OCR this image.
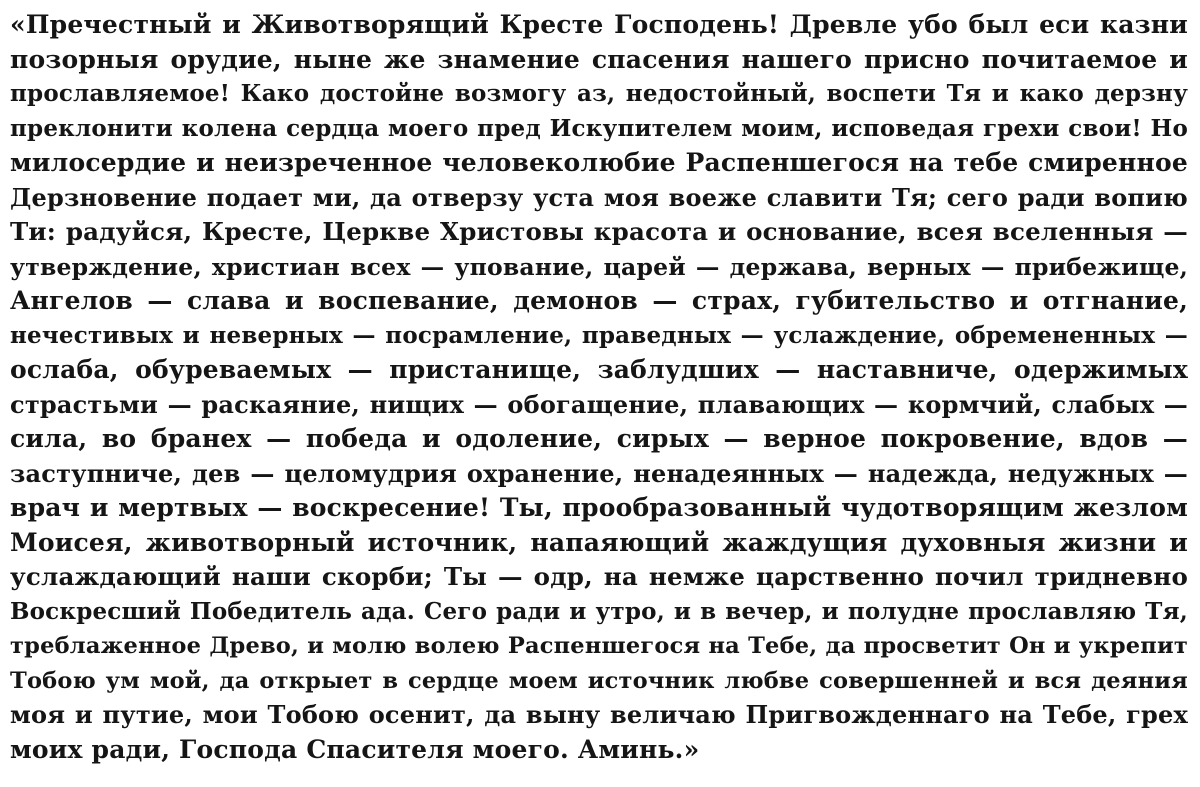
«Пречестный и Животворящий Кресте Господень! Древле убо был еси казни
позорныя орудие, ныне же знамение спасения нашего присно почитаемое и
прославляемое! Како достойне возмогу аз, недостойный, воспети Тя и како дерзну
преклонити колена сердца моего пред Искупителем моим, исповедая грехи свои! Но
милосердие и неизреченное человеколюбие Распеншегося на тебе смиренное
Дерзновение подает ми, да отверзу уста моя воеже славити Тя; сего ради вопию
Ти: радуйся, Кресте, Церкве Христовы красота и основание, всея вселенныя —
утверждение, христиан всех — упование, царей — держава, верных — прибежище,
Ангелов — слава и воспевание, демонов — страх, губительство и отгнание,
нечестивых и неверных — посрамление, праведных — услаждение, обремененных —
ослаба, обуреваемых — пристанище, заблудших — наставниче, одержимых
страстьми — раскаяние, нищих — обогащение, плавающих — кормчий, слабых —
сила, во бранех — победа и одоление, сирых — верное покровение, вдов —
заступниче, дев — целомудрия охранение, ненадеянных — надежда, недужных —
врач и мертвых — воскресение! Ты, прообразованный чудотворящим жезлом
Моисея, животворный источник, напаяющий жаждущия духовныя жизни и
услаждающий наши скорби; Ты — одр, на немже царственно почил тридневно
Воскресший Победитель ада. Сего ради и утро, и в вечер, и полудне прославляю Тя,
треблаженное Древо, и молю волею Распеншегося на Тебе, да просветит Он и укрепит
Тобою ум мой, да открыет в сердце моем источник любве совершенней и вся деяния
моя и путие, мои Тобою осенит, да выну величаю Пригвожденнаго на Тебе, грех
моих ради, Господа Спасителя моего. Аминь.»
